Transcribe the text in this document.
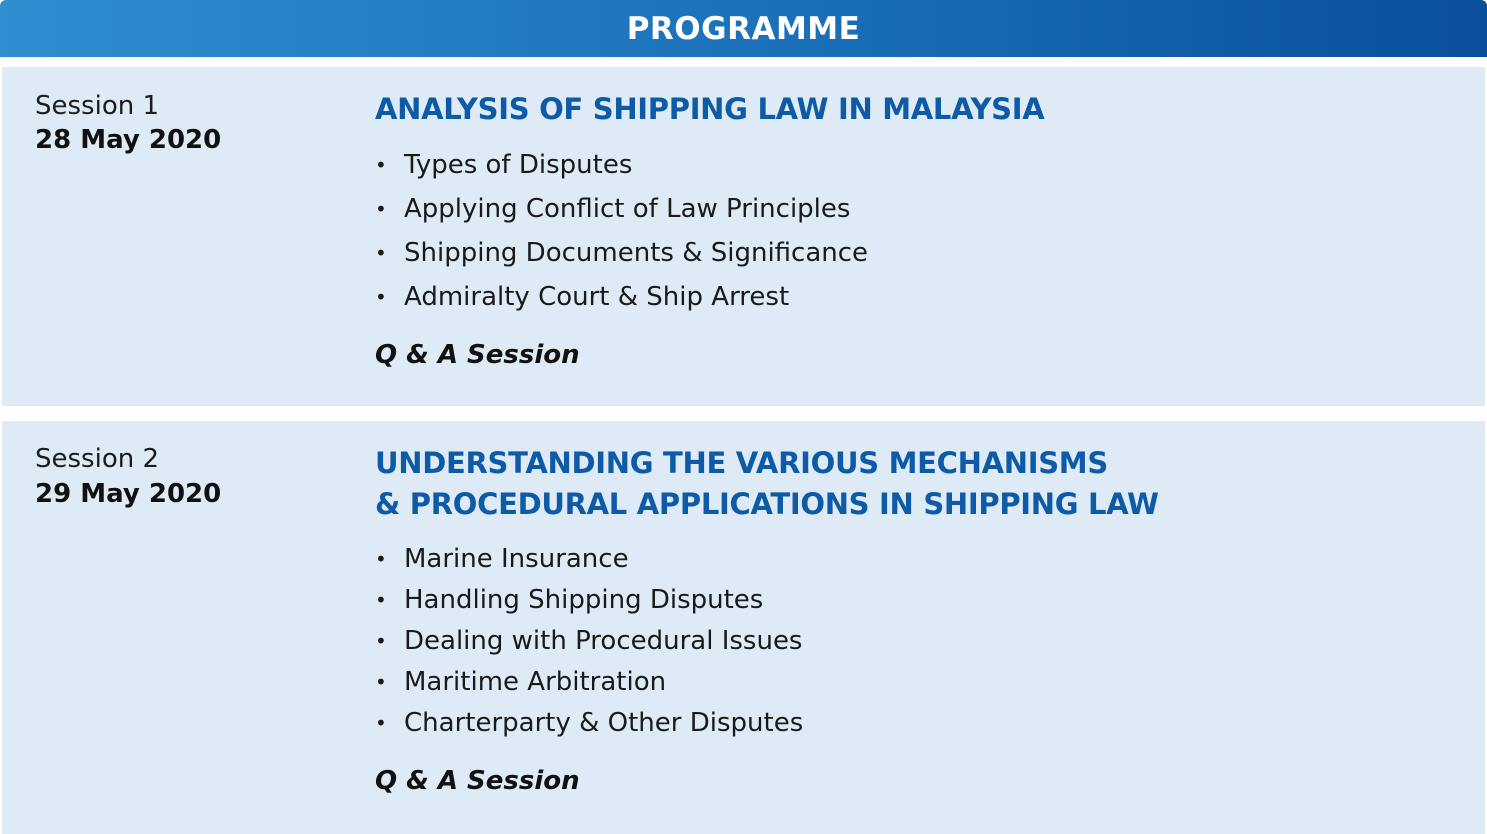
PROGRAMME
Session 1
28 May 2020
ANALYSIS OF SHIPPING LAW IN MALAYSIA
• Types of Disputes
• Applying Conflict of Law Principles
• Shipping Documents & Significance
• Admiralty Court & Ship Arrest
Q & A Session
Session 2
29 May 2020
UNDERSTANDING THE VARIOUS MECHANISMS
& PROCEDURAL APPLICATIONS IN SHIPPING LAW
• Marine Insurance
• Handling Shipping Disputes
• Dealing with Procedural Issues
• Maritime Arbitration
• Charterparty & Other Disputes
Q & A Session
